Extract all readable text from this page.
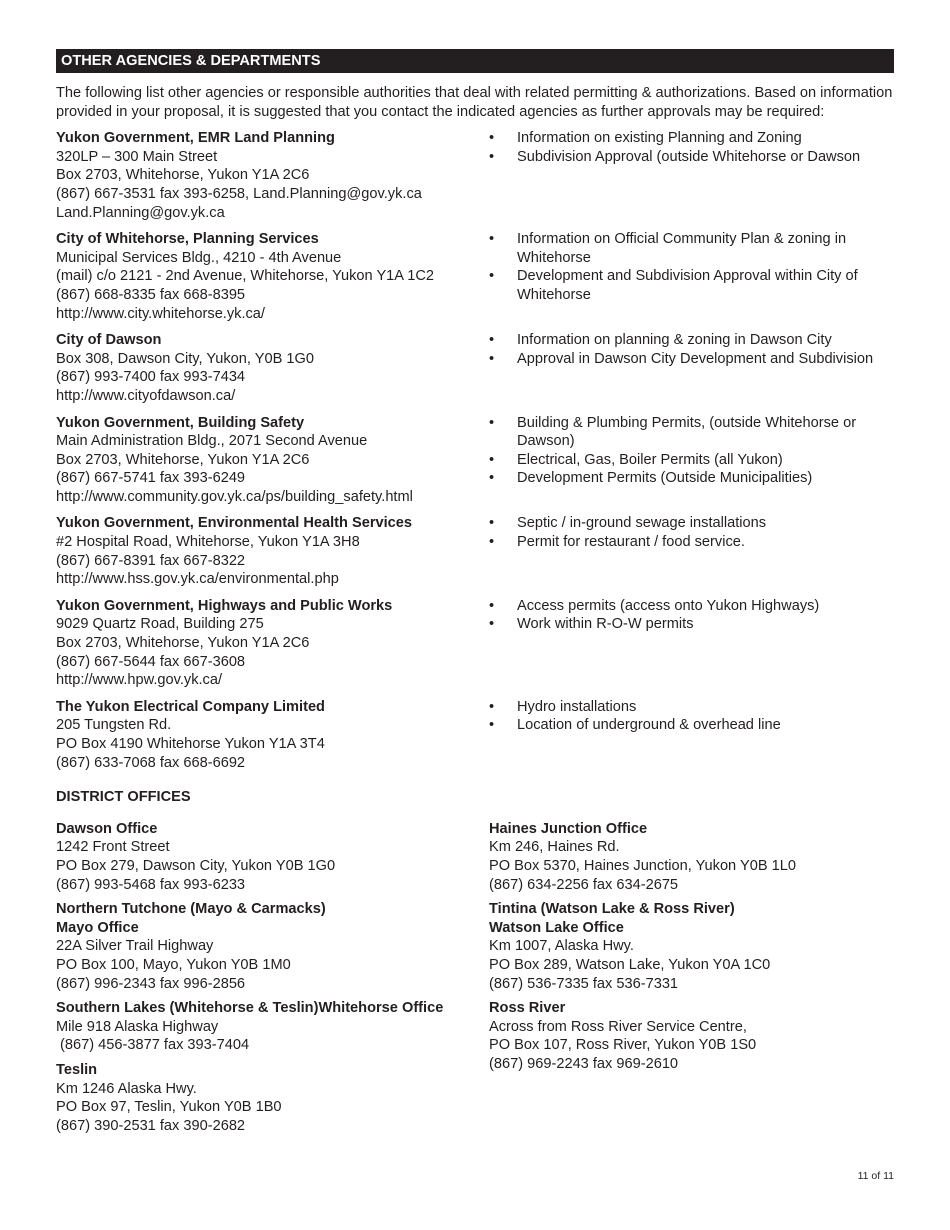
OTHER AGENCIES & DEPARTMENTS
The following list other agencies or responsible authorities that deal with related permitting & authorizations. Based on information provided in your proposal, it is suggested that you contact the indicated agencies as further approvals may be required:
Yukon Government, EMR Land Planning
320LP – 300 Main Street
Box 2703, Whitehorse, Yukon Y1A 2C6
(867) 667-3531 fax 393-6258, Land.Planning@gov.yk.ca
Land.Planning@gov.yk.ca
• Information on existing Planning and Zoning
• Subdivision Approval (outside Whitehorse or Dawson
City of Whitehorse, Planning Services
Municipal Services Bldg., 4210 - 4th Avenue
(mail) c/o 2121 - 2nd Avenue, Whitehorse, Yukon Y1A 1C2
(867) 668-8335 fax 668-8395
http://www.city.whitehorse.yk.ca/
• Information on Official Community Plan & zoning in Whitehorse
• Development and Subdivision Approval within City of Whitehorse
City of Dawson
Box 308, Dawson City, Yukon, Y0B 1G0
(867) 993-7400 fax 993-7434
http://www.cityofdawson.ca/
• Information on planning & zoning in Dawson City
• Approval in Dawson City Development and Subdivision
Yukon Government, Building Safety
Main Administration Bldg., 2071 Second Avenue
Box 2703, Whitehorse, Yukon Y1A 2C6
(867) 667-5741 fax 393-6249
http://www.community.gov.yk.ca/ps/building_safety.html
• Building & Plumbing Permits, (outside Whitehorse or Dawson)
• Electrical, Gas, Boiler Permits (all Yukon)
• Development Permits (Outside Municipalities)
Yukon Government, Environmental Health Services
#2 Hospital Road, Whitehorse, Yukon Y1A 3H8
(867) 667-8391 fax 667-8322
http://www.hss.gov.yk.ca/environmental.php
• Septic / in-ground sewage installations
• Permit for restaurant / food service.
Yukon Government, Highways and Public Works
9029 Quartz Road, Building 275
Box 2703, Whitehorse, Yukon Y1A 2C6
(867) 667-5644 fax 667-3608
http://www.hpw.gov.yk.ca/
• Access permits (access onto Yukon Highways)
• Work within R-O-W permits
The Yukon Electrical Company Limited
205 Tungsten Rd.
PO Box 4190 Whitehorse Yukon Y1A 3T4
(867) 633-7068 fax 668-6692
• Hydro installations
• Location of underground & overhead line
DISTRICT OFFICES
Dawson Office
1242 Front Street
PO Box 279, Dawson City, Yukon Y0B 1G0
(867) 993-5468 fax 993-6233
Northern Tutchone (Mayo & Carmacks)
Mayo Office
22A Silver Trail Highway
PO Box 100, Mayo, Yukon Y0B 1M0
(867) 996-2343 fax 996-2856
Southern Lakes (Whitehorse & Teslin)Whitehorse Office
Mile 918 Alaska Highway
(867) 456-3877 fax 393-7404
Teslin
Km 1246 Alaska Hwy.
PO Box 97, Teslin, Yukon Y0B 1B0
(867) 390-2531 fax 390-2682
Haines Junction Office
Km 246, Haines Rd.
PO Box 5370, Haines Junction, Yukon Y0B 1L0
(867) 634-2256 fax 634-2675
Tintina (Watson Lake & Ross River)
Watson Lake Office
Km 1007, Alaska Hwy.
PO Box 289, Watson Lake, Yukon Y0A 1C0
(867) 536-7335 fax 536-7331
Ross River
Across from Ross River Service Centre,
PO Box 107, Ross River, Yukon Y0B 1S0
(867) 969-2243 fax 969-2610
11 of 11
